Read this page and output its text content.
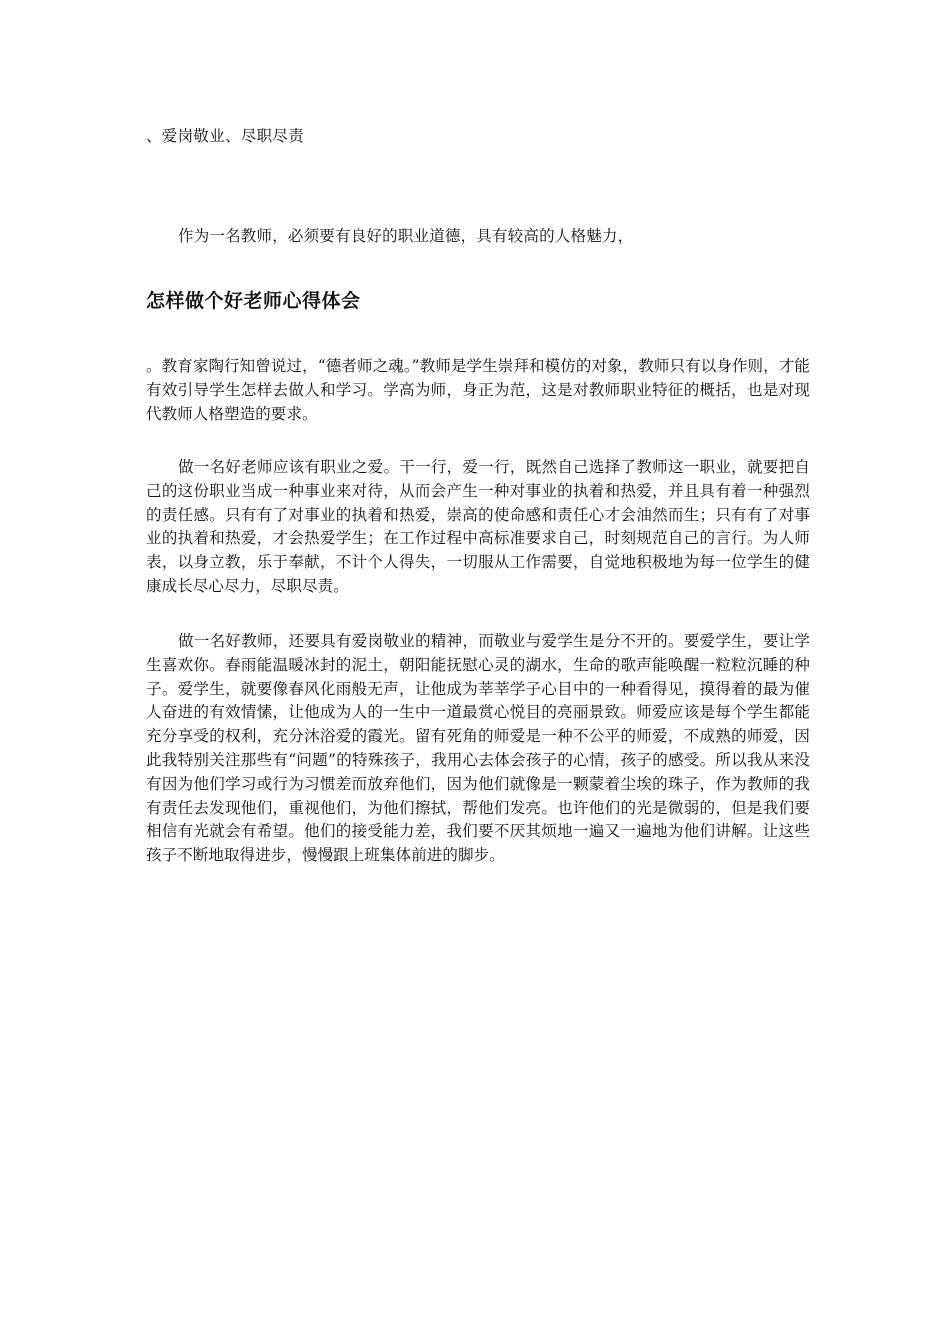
、爱岗敬业、尽职尽责

作为一名教师，必须要有良好的职业道德，具有较高的人格魅力，

怎样做个好老师心得体会

。教育家陶行知曾说过，“德者师之魂。”教师是学生崇拜和模仿的对象，教师只有以身作则，才能有效引导学生怎样去做人和学习。学高为师，身正为范，这是对教师职业特征的概括，也是对现代教师人格塑造的要求。

做一名好老师应该有职业之爱。干一行，爱一行，既然自己选择了教师这一职业，就要把自己的这份职业当成一种事业来对待，从而会产生一种对事业的执着和热爱，并且具有着一种强烈的责任感。只有有了对事业的执着和热爱，崇高的使命感和责任心才会油然而生；只有有了对事业的执着和热爱，才会热爱学生；在工作过程中高标准要求自己，时刻规范自己的言行。为人师表，以身立教，乐于奉献，不计个人得失，一切服从工作需要，自觉地积极地为每一位学生的健康成长尽心尽力，尽职尽责。

做一名好教师，还要具有爱岗敬业的精神，而敬业与爱学生是分不开的。要爱学生，要让学生喜欢你。春雨能温暖冰封的泥土，朝阳能抚慰心灵的湖水，生命的歌声能唤醒一粒粒沉睡的种子。爱学生，就要像春风化雨般无声，让他成为莘莘学子心目中的一种看得见，摸得着的最为催人奋进的有效情愫，让他成为人的一生中一道最赏心悦目的亮丽景致。师爱应该是每个学生都能充分享受的权利，充分沐浴爱的霞光。留有死角的师爱是一种不公平的师爱，不成熟的师爱，因此我特别关注那些有“问题”的特殊孩子，我用心去体会孩子的心情，孩子的感受。所以我从来没有因为他们学习或行为习惯差而放弃他们，因为他们就像是一颗蒙着尘埃的珠子，作为教师的我有责任去发现他们，重视他们，为他们擦拭，帮他们发亮。也许他们的光是微弱的，但是我们要相信有光就会有希望。他们的接受能力差，我们要不厌其烦地一遍又一遍地为他们讲解。让这些孩子不断地取得进步，慢慢跟上班集体前进的脚步。
